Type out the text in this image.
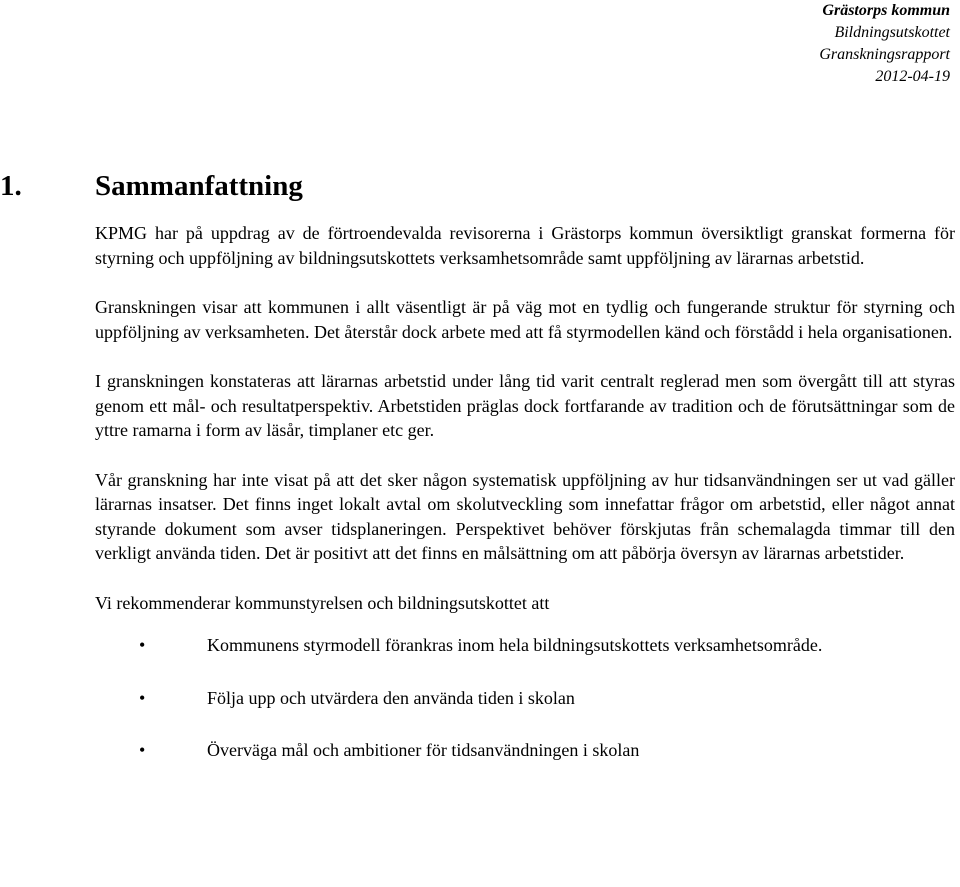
Grästorps kommun
Bildningsutskottet
Granskningsrapport
2012-04-19
1.	Sammanfattning

KPMG har på uppdrag av de förtroendevalda revisorerna i Grästorps kommun översiktligt granskat formerna för styrning och uppföljning av bildningsutskottets verksamhetsområde samt uppföljning av lärarnas arbetstid.

Granskningen visar att kommunen i allt väsentligt är på väg mot en tydlig och fungerande struktur för styrning och uppföljning av verksamheten. Det återstår dock arbete med att få styrmodellen känd och förstådd i hela organisationen.

I granskningen konstateras att lärarnas arbetstid under lång tid varit centralt reglerad men som övergått till att styras genom ett mål- och resultatperspektiv. Arbetstiden präglas dock fortfarande av tradition och de förutsättningar som de yttre ramarna i form av läsår, timplaner etc ger.

Vår granskning har inte visat på att det sker någon systematisk uppföljning av hur tidsanvändningen ser ut vad gäller lärarnas insatser. Det finns inget lokalt avtal om skolutveckling som innefattar frågor om arbetstid, eller något annat styrande dokument som avser tidsplaneringen. Perspektivet behöver förskjutas från schemalagda timmar till den verkligt använda tiden. Det är positivt att det finns en målsättning om att påbörja översyn av lärarnas arbetstider.

Vi rekommenderar kommunstyrelsen och bildningsutskottet att

•	Kommunens styrmodell förankras inom hela bildningsutskottets verksamhetsområde.
•	Följa upp och utvärdera den använda tiden i skolan
•	Överväga mål och ambitioner för tidsanvändningen i skolan
